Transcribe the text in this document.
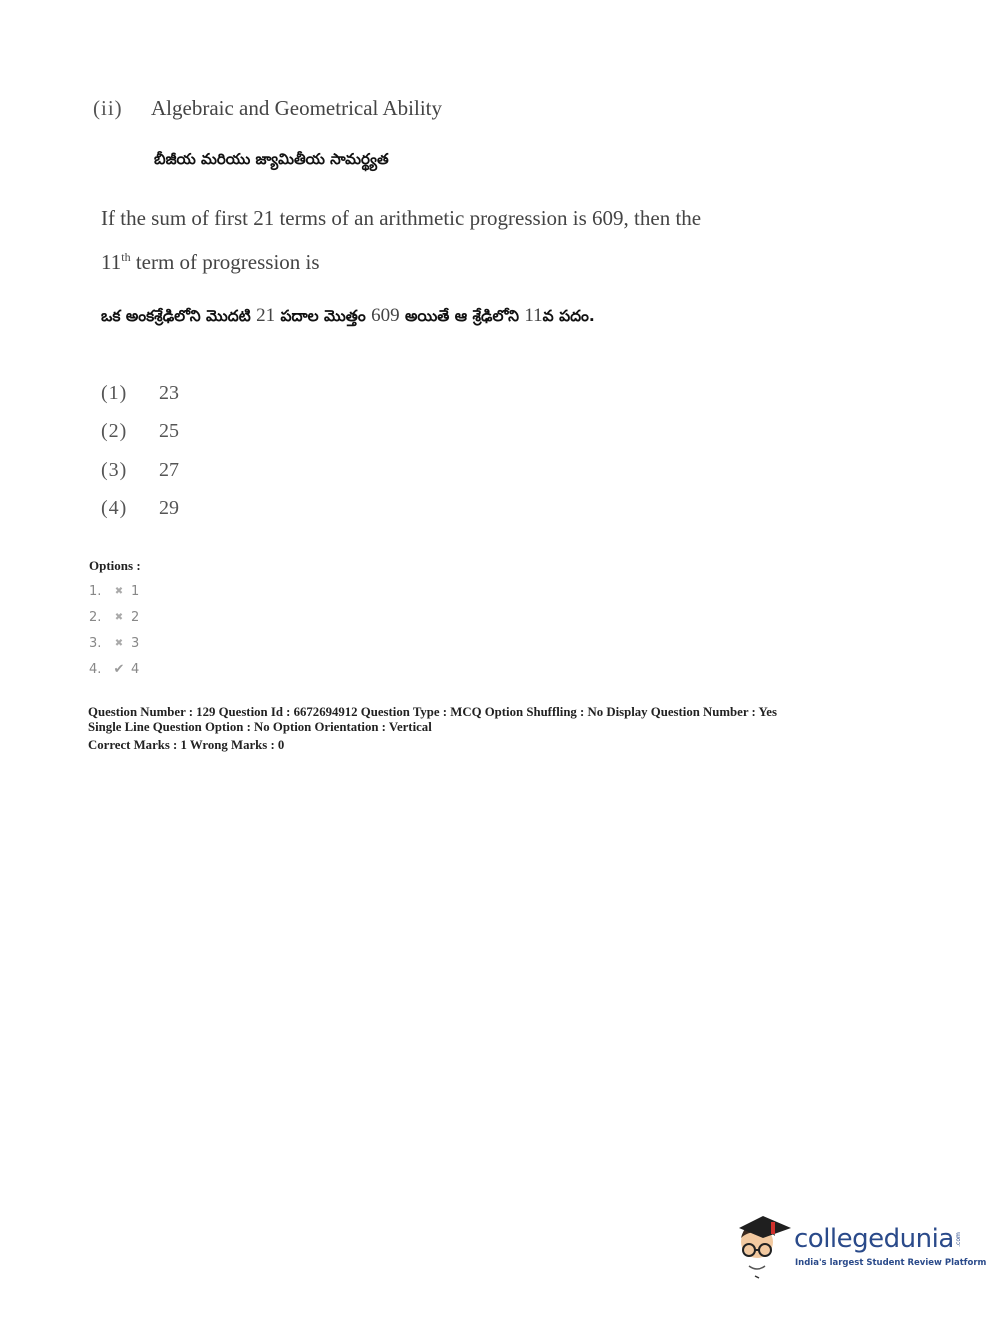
(ii) Algebraic and Geometrical Ability
బీజీయ మరియు జ్యామితీయ సామర్థ్యత
If the sum of first 21 terms of an arithmetic progression is 609, then the
11th term of progression is
ఒక అంకశ్రేఢిలోని మొదటి 21 పదాల మొత్తం 609 అయితే ఆ శ్రేఢిలోని 11వ పదం.
(1)	23
(2)	25
(3)	27
(4)	29
Options :
1.	✖ 1
2.	✖ 2
3.	✖ 3
4. ✔ 4
Question Number : 129 Question Id : 6672694912 Question Type : MCQ Option Shuffling : No Display Question Number : Yes
Single Line Question Option : No Option Orientation : Vertical
Correct Marks : 1 Wrong Marks : 0
collegedunia .com
India's largest Student Review Platform
